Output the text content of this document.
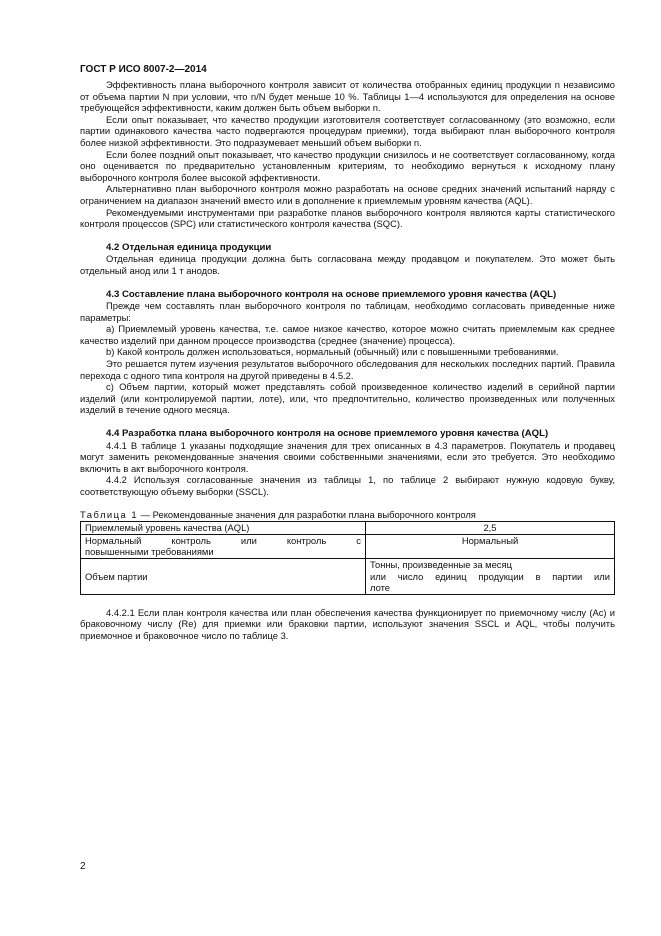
ГОСТ Р ИСО 8007-2—2014

Эффективность плана выборочного контроля зависит от количества отобранных единиц продукции n независимо от объема партии N при условии, что n/N будет меньше 10 %. Таблицы 1—4 используются для определения на основе требующейся эффективности, каким должен быть объем выборки n.

Если опыт показывает, что качество продукции изготовителя соответствует согласованному (это возможно, если партии одинакового качества часто подвергаются процедурам приемки), тогда выбирают план выборочного контроля более низкой эффективности. Это подразумевает меньший объем выборки n.

Если более поздний опыт показывает, что качество продукции снизилось и не соответствует согласованному, когда оно оценивается по предварительно установленным критериям, то необходимо вернуться к исходному плану выборочного контроля более высокой эффективности.

Альтернативно план выборочного контроля можно разработать на основе средних значений испытаний наряду с ограничением на диапазон значений вместо или в дополнение к приемлемым уровням качества (AQL).

Рекомендуемыми инструментами при разработке планов выборочного контроля являются карты статистического контроля процессов (SPC) или статистического контроля качества (SQC).

4.2 Отдельная единица продукции

Отдельная единица продукции должна быть согласована между продавцом и покупателем. Это может быть отдельный анод или 1 т анодов.

4.3 Составление плана выборочного контроля на основе приемлемого уровня качества (AQL)

Прежде чем составлять план выборочного контроля по таблицам, необходимо согласовать приведенные ниже параметры:

a) Приемлемый уровень качества, т.е. самое низкое качество, которое можно считать приемлемым как среднее качество изделий при данном процессе производства (среднее (значение) процесса).

b) Какой контроль должен использоваться, нормальный (обычный) или с повышенными требованиями.

Это решается путем изучения результатов выборочного обследования для нескольких последних партий. Правила перехода с одного типа контроля на другой приведены в 4.5.2.

c) Объем партии, который может представлять собой произведенное количество изделий в серийной партии изделий (или контролируемой партии, лоте), или, что предпочтительно, количество произведенных или полученных изделий в течение одного месяца.

4.4 Разработка плана выборочного контроля на основе приемлемого уровня качества (AQL)

4.4.1 В таблице 1 указаны подходящие значения для трех описанных в 4.3 параметров. Покупатель и продавец могут заменить рекомендованные значения своими собственными значениями, если это требуется. Это необходимо включить в акт выборочного контроля.

4.4.2 Используя согласованные значения из таблицы 1, по таблице 2 выбирают нужную кодовую букву, соответствующую объему выборки (SSCL).

Таблица 1 — Рекомендованные значения для разработки плана выборочного контроля
Приемлемый уровень качества (AQL)	2,5

Нормальный контроль или контроль с
повышенными требованиями	Нормальный
Объем партии	Тонны, произведенные за месяц
или число единиц продукции в партии или
лоте

4.4.2.1 Если план контроля качества или план обеспечения качества функционирует по приемочному числу (Ac) и браковочному числу (Re) для приемки или браковки партии, используют значения SSCL и AQL, чтобы получить приемочное и браковочное число по таблице 3.

2
